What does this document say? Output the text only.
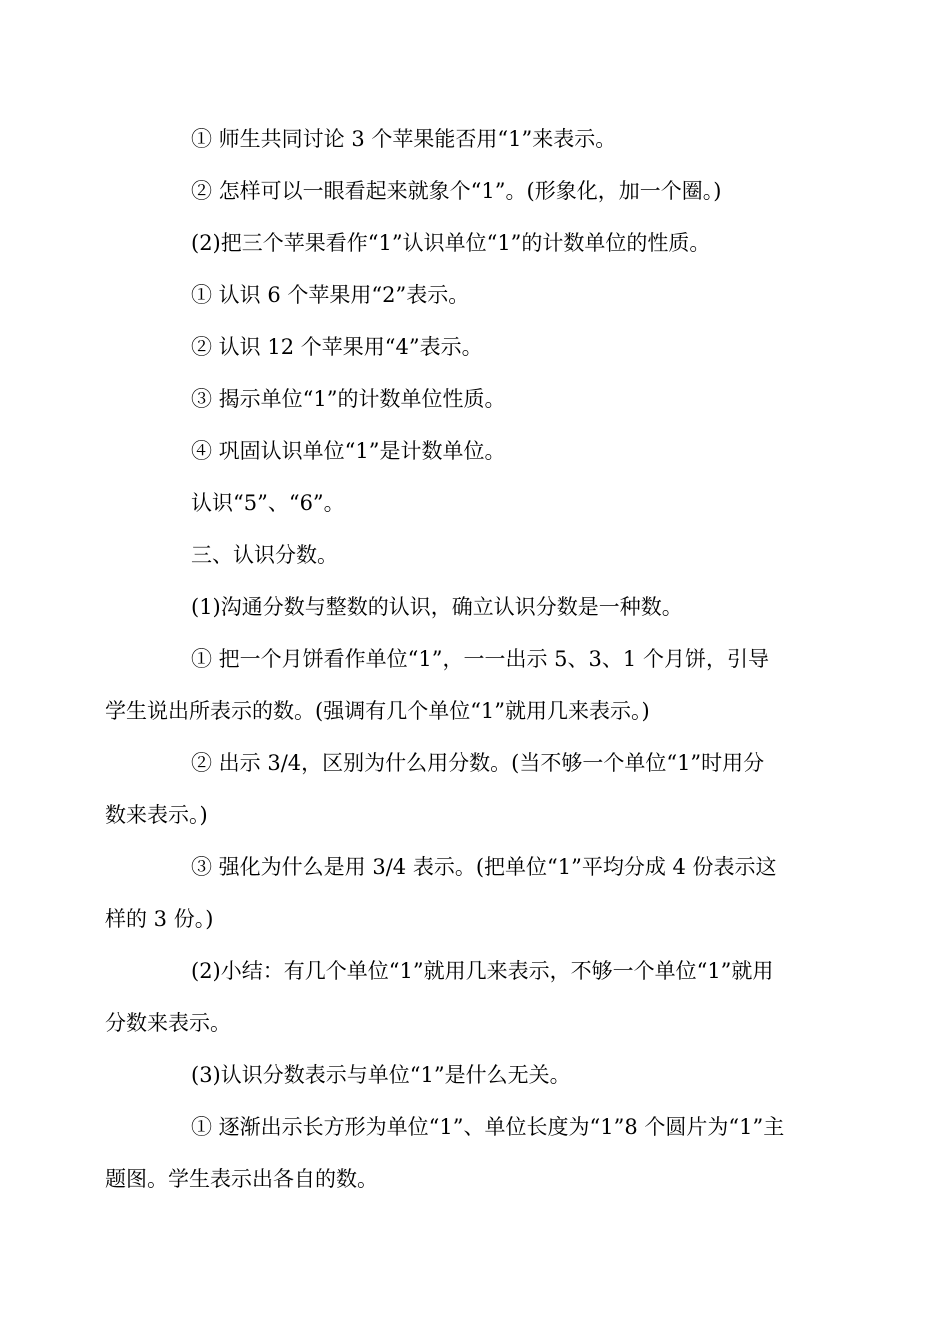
① 师生共同讨论 3 个苹果能否用“1”来表示。
② 怎样可以一眼看起来就象个“1”。(形象化，加一个圈。)
(2)把三个苹果看作“1”认识单位“1”的计数单位的性质。
① 认识 6 个苹果用“2”表示。
② 认识 12 个苹果用“4”表示。
③ 揭示单位“1”的计数单位性质。
④ 巩固认识单位“1”是计数单位。
认识“5”、“6”。
三、认识分数。
(1)沟通分数与整数的认识，确立认识分数是一种数。
① 把一个月饼看作单位“1”，一一出示 5、3、1 个月饼，引导
学生说出所表示的数。(强调有几个单位“1”就用几来表示。)
② 出示 3/4，区别为什么用分数。(当不够一个单位“1”时用分
数来表示。)
③ 强化为什么是用 3/4 表示。(把单位“1”平均分成 4 份表示这
样的 3 份。)
(2)小结：有几个单位“1”就用几来表示，不够一个单位“1”就用
分数来表示。
(3)认识分数表示与单位“1”是什么无关。
① 逐渐出示长方形为单位“1”、单位长度为“1”8 个圆片为“1”主
题图。学生表示出各自的数。
